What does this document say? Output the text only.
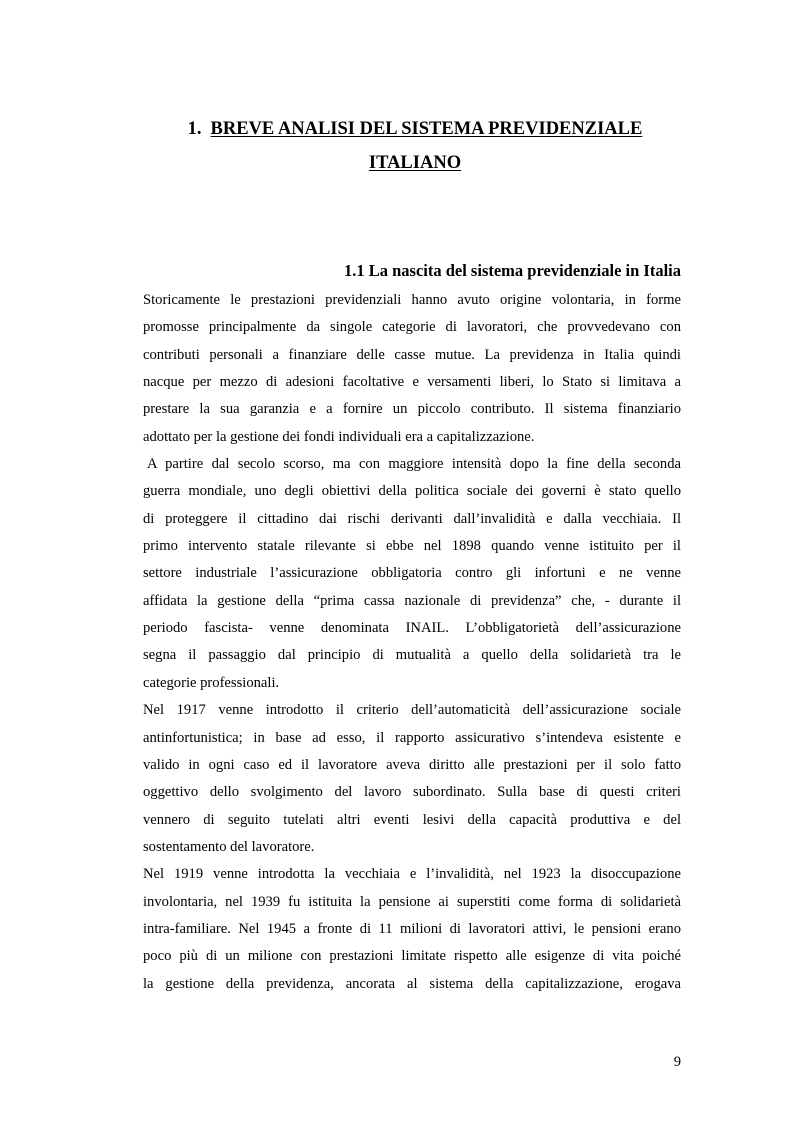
1. BREVE ANALISI DEL SISTEMA PREVIDENZIALE
ITALIANO
1.1 La nascita del sistema previdenziale in Italia

Storicamente le prestazioni previdenziali hanno avuto origine volontaria, in forme
promosse principalmente da singole categorie di lavoratori, che provvedevano con
contributi personali a finanziare delle casse mutue. La previdenza in Italia quindi
nacque per mezzo di adesioni facoltative e versamenti liberi, lo Stato si limitava a
prestare la sua garanzia e a fornire un piccolo contributo. Il sistema finanziario
adottato per la gestione dei fondi individuali era a capitalizzazione.

A partire dal secolo scorso, ma con maggiore intensità dopo la fine della seconda
guerra mondiale, uno degli obiettivi della politica sociale dei governi è stato quello
di proteggere il cittadino dai rischi derivanti dall’invalidità e dalla vecchiaia. Il
primo intervento statale rilevante si ebbe nel 1898 quando venne istituito per il
settore industriale l’assicurazione obbligatoria contro gli infortuni e ne venne
affidata la gestione della “prima cassa nazionale di previdenza” che, - durante il
periodo fascista- venne denominata INAIL. L’obbligatorietà dell’assicurazione
segna il passaggio dal principio di mutualità a quello della solidarietà tra le
categorie professionali.

Nel 1917 venne introdotto il criterio dell’automaticità dell’assicurazione sociale
antinfortunistica; in base ad esso, il rapporto assicurativo s’intendeva esistente e
valido in ogni caso ed il lavoratore aveva diritto alle prestazioni per il solo fatto
oggettivo dello svolgimento del lavoro subordinato. Sulla base di questi criteri
vennero di seguito tutelati altri eventi lesivi della capacità produttiva e del
sostentamento del lavoratore.

Nel 1919 venne introdotta la vecchiaia e l’invalidità, nel 1923 la disoccupazione
involontaria, nel 1939 fu istituita la pensione ai superstiti come forma di solidarietà
intra-familiare. Nel 1945 a fronte di 11 milioni di lavoratori attivi, le pensioni erano
poco più di un milione con prestazioni limitate rispetto alle esigenze di vita poiché
la gestione della previdenza, ancorata al sistema della capitalizzazione, erogava

9
